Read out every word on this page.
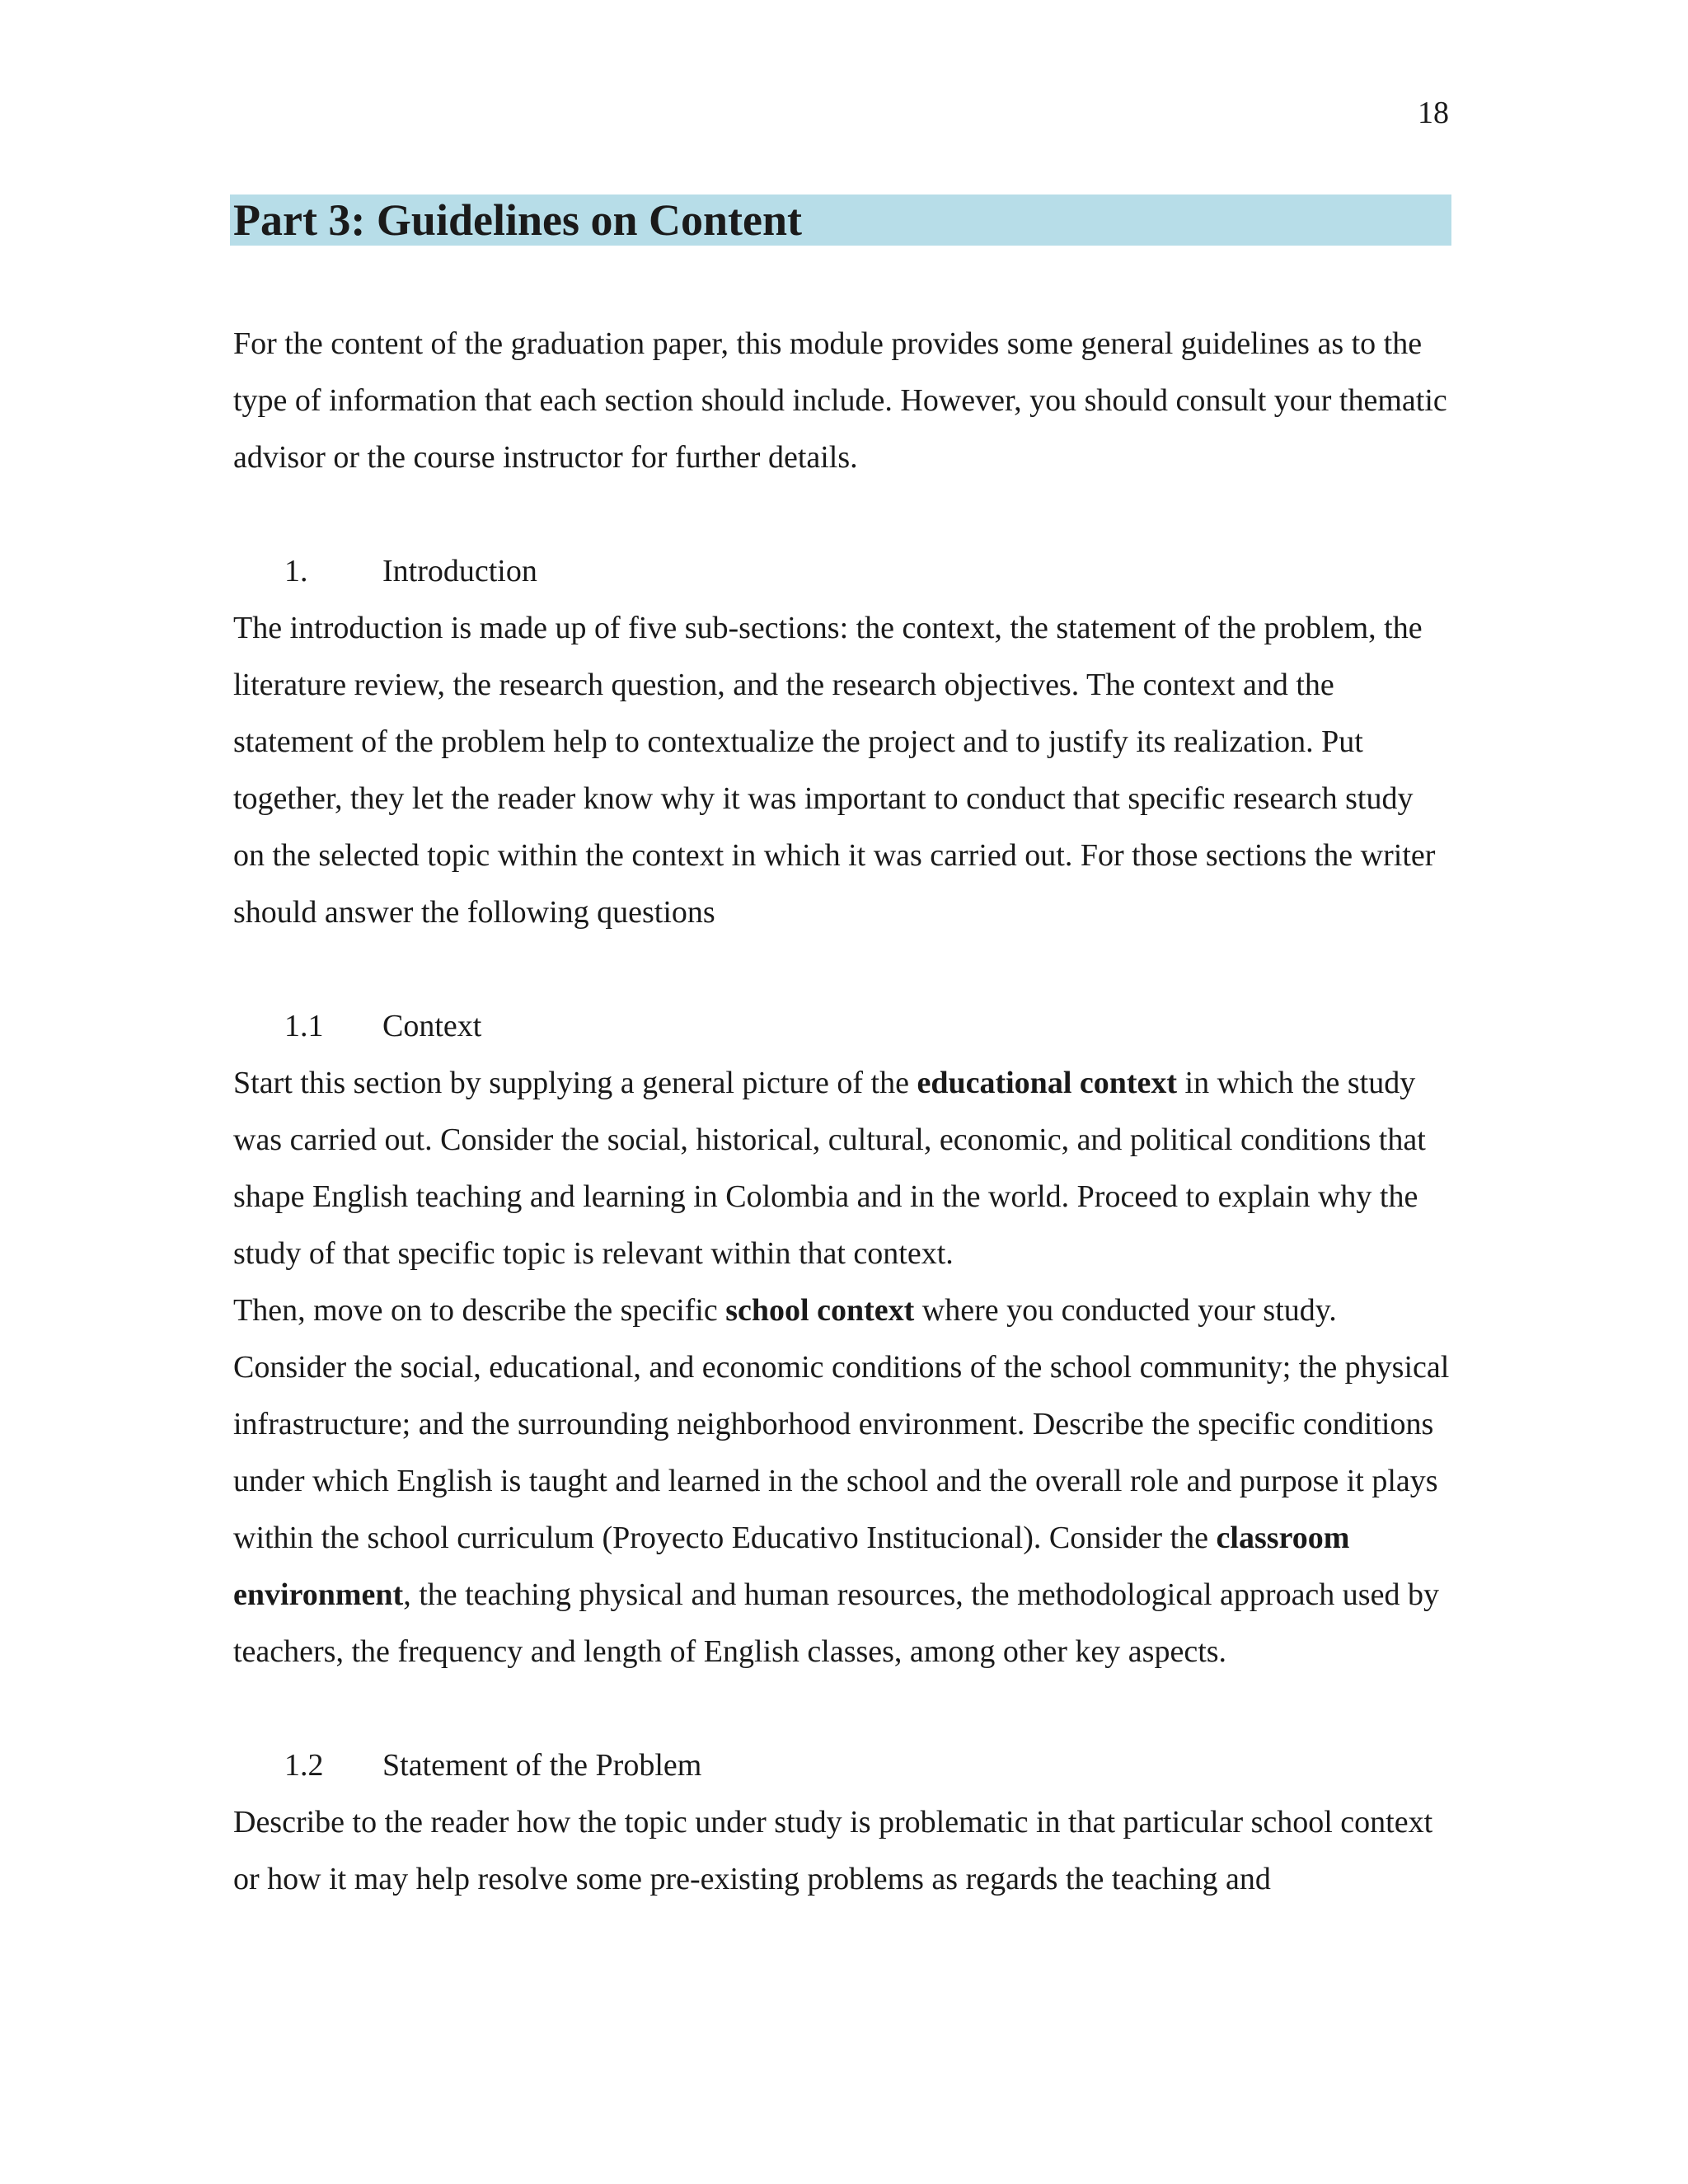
18
Part 3: Guidelines on Content

For the content of the graduation paper, this module provides some general guidelines as to the type of information that each section should include. However, you should consult your thematic advisor or the course instructor for further details.

1.	Introduction

The introduction is made up of five sub-sections: the context, the statement of the problem, the literature review, the research question, and the research objectives. The context and the statement of the problem help to contextualize the project and to justify its realization. Put together, they let the reader know why it was important to conduct that specific research study on the selected topic within the context in which it was carried out. For those sections the writer should answer the following questions

1.1	Context

Start this section by supplying a general picture of the educational context in which the study was carried out. Consider the social, historical, cultural, economic, and political conditions that shape English teaching and learning in Colombia and in the world. Proceed to explain why the study of that specific topic is relevant within that context.

Then, move on to describe the specific school context where you conducted your study. Consider the social, educational, and economic conditions of the school community; the physical infrastructure; and the surrounding neighborhood environment. Describe the specific conditions under which English is taught and learned in the school and the overall role and purpose it plays within the school curriculum (Proyecto Educativo Institucional). Consider the classroom environment, the teaching physical and human resources, the methodological approach used by teachers, the frequency and length of English classes, among other key aspects.

1.2	Statement of the Problem

Describe to the reader how the topic under study is problematic in that particular school context or how it may help resolve some pre-existing problems as regards the teaching and
